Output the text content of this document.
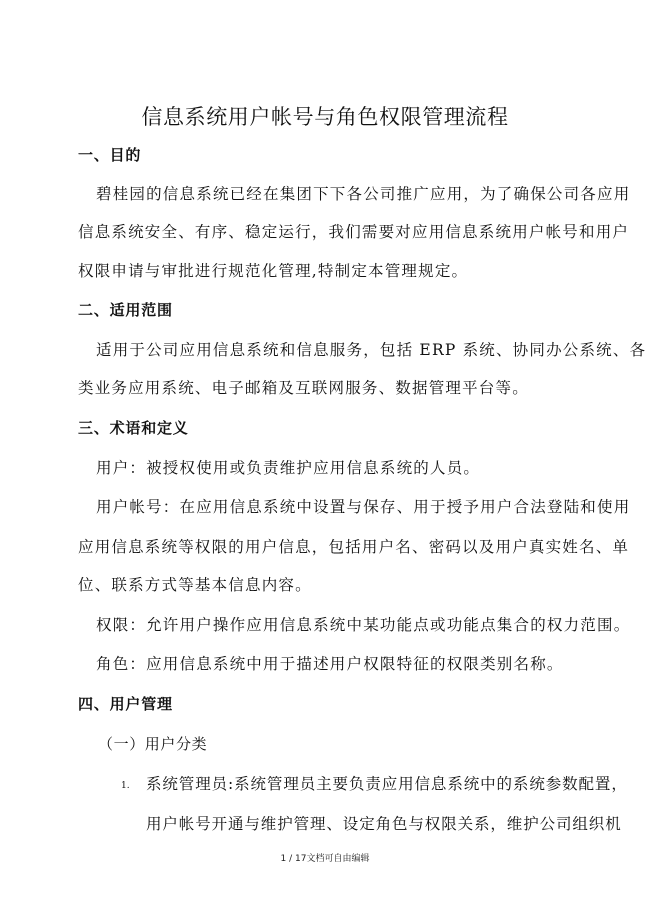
信息系统用户帐号与角色权限管理流程
一、目的
碧桂园的信息系统已经在集团下下各公司推广应用，为了确保公司各应用
信息系统安全、有序、稳定运行，我们需要对应用信息系统用户帐号和用户
权限申请与审批进行规范化管理,特制定本管理规定。
二、适用范围
适用于公司应用信息系统和信息服务，包括 ERP 系统、协同办公系统、各
类业务应用系统、电子邮箱及互联网服务、数据管理平台等。
三、术语和定义
用户：被授权使用或负责维护应用信息系统的人员。
用户帐号：在应用信息系统中设置与保存、用于授予用户合法登陆和使用
应用信息系统等权限的用户信息，包括用户名、密码以及用户真实姓名、单
位、联系方式等基本信息内容。
权限：允许用户操作应用信息系统中某功能点或功能点集合的权力范围。
角色：应用信息系统中用于描述用户权限特征的权限类别名称。
四、用户管理
（一）用户分类
1. 系统管理员:系统管理员主要负责应用信息系统中的系统参数配置，
用户帐号开通与维护管理、设定角色与权限关系，维护公司组织机
1 / 17文档可自由编辑
